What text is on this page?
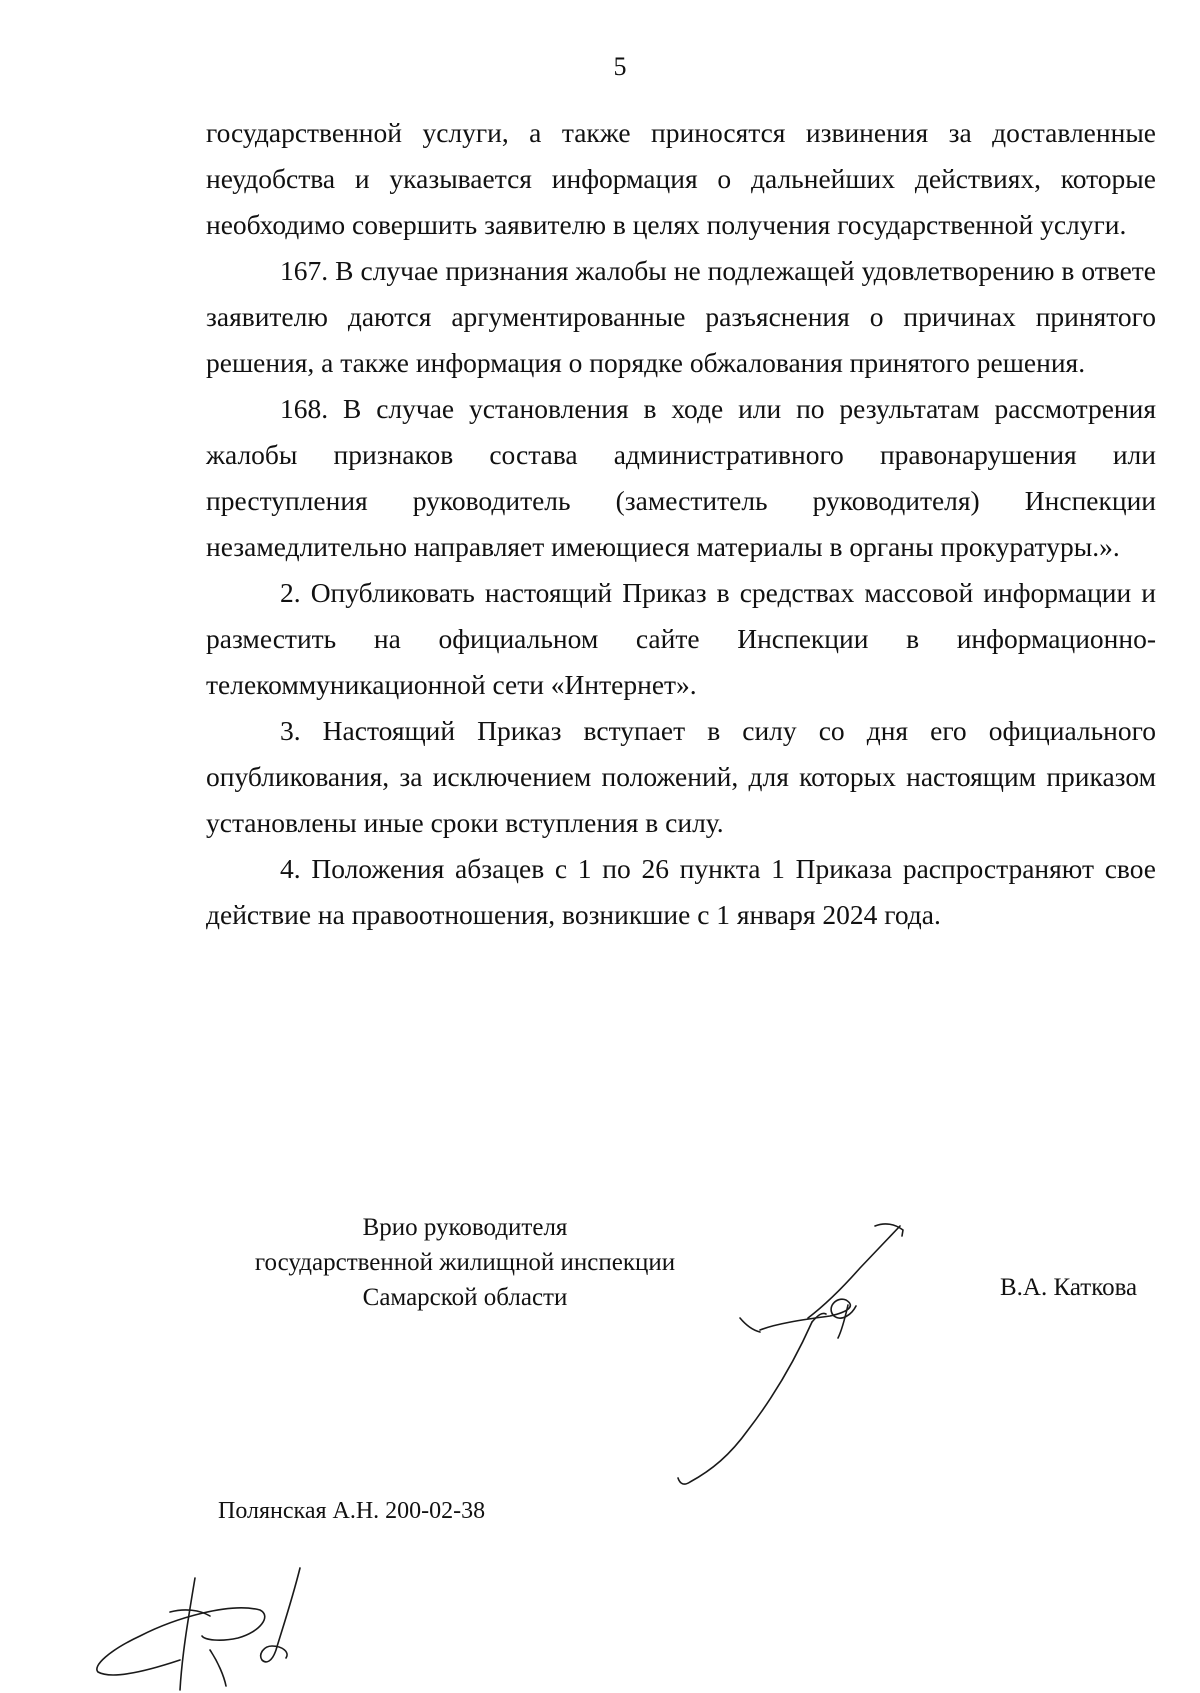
5

государственной услуги, а также приносятся извинения за доставленные неудобства и указывается информация о дальнейших действиях, которые необходимо совершить заявителю в целях получения государственной услуги.

167. В случае признания жалобы не подлежащей удовлетворению в ответе заявителю даются аргументированные разъяснения о причинах принятого решения, а также информация о порядке обжалования принятого решения.

168. В случае установления в ходе или по результатам рассмотрения жалобы признаков состава административного правонарушения или преступления руководитель (заместитель руководителя) Инспекции незамедлительно направляет имеющиеся материалы в органы прокуратуры.».

2. Опубликовать настоящий Приказ в средствах массовой информации и разместить на официальном сайте Инспекции в информационно-телекоммуникационной сети «Интернет».

3. Настоящий Приказ вступает в силу со дня его официального опубликования, за исключением положений, для которых настоящим приказом установлены иные сроки вступления в силу.

4. Положения абзацев с 1 по 26 пункта 1 Приказа распространяют свое действие на правоотношения, возникшие с 1 января 2024 года.

Врио руководителя
государственной жилищной инспекции
Самарской области	В.А. Каткова
Полянская А.Н. 200-02-38
